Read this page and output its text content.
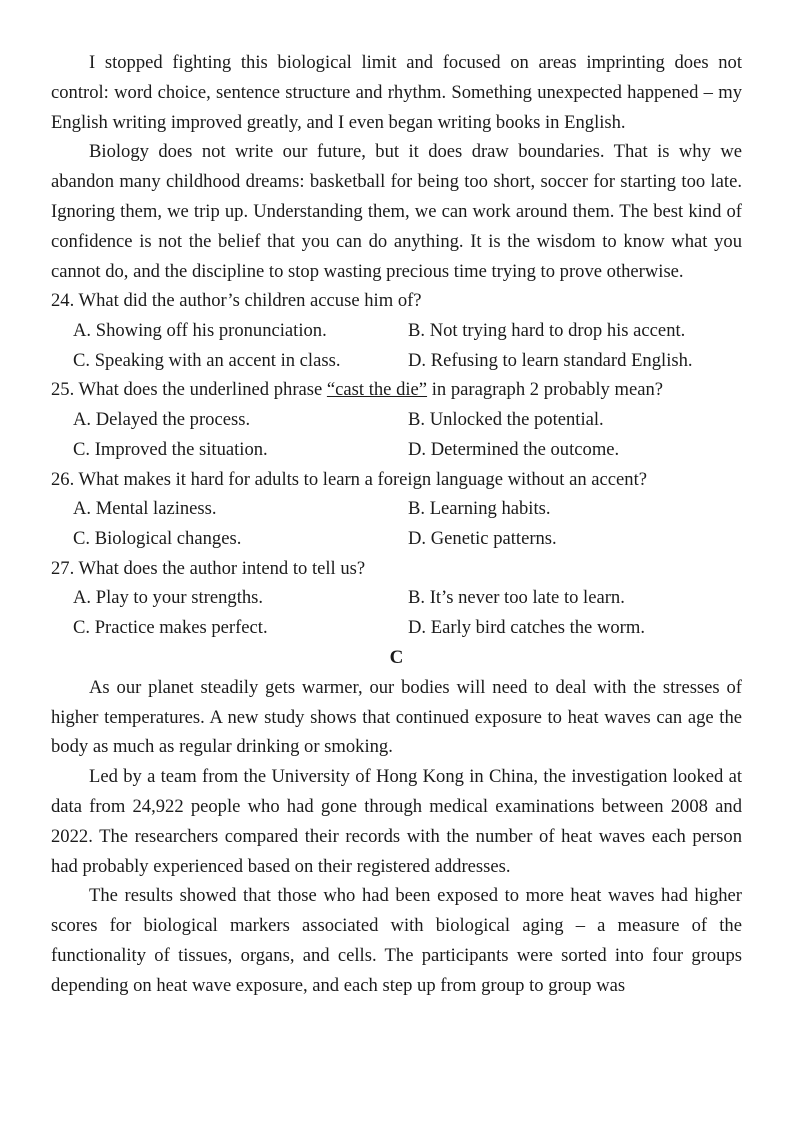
I stopped fighting this biological limit and focused on areas imprinting does not control: word choice, sentence structure and rhythm. Something unexpected happened – my English writing improved greatly, and I even began writing books in English.

Biology does not write our future, but it does draw boundaries. That is why we abandon many childhood dreams: basketball for being too short, soccer for starting too late. Ignoring them, we trip up. Understanding them, we can work around them. The best kind of confidence is not the belief that you can do anything. It is the wisdom to know what you cannot do, and the discipline to stop wasting precious time trying to prove otherwise.

24. What did the author’s children accuse him of?

A. Showing off his pronunciation.	B. Not trying hard to drop his accent.
C. Speaking with an accent in class.	D. Refusing to learn standard English.

25. What does the underlined phrase “cast the die” in paragraph 2 probably mean?

A. Delayed the process.	B. Unlocked the potential.
C. Improved the situation.	D. Determined the outcome.

26. What makes it hard for adults to learn a foreign language without an accent?

A. Mental laziness.	B. Learning habits.
C. Biological changes.	D. Genetic patterns.

27. What does the author intend to tell us?

A. Play to your strengths.	B. It’s never too late to learn.
C. Practice makes perfect.	D. Early bird catches the worm.

C

As our planet steadily gets warmer, our bodies will need to deal with the stresses of higher temperatures. A new study shows that continued exposure to heat waves can age the body as much as regular drinking or smoking.

Led by a team from the University of Hong Kong in China, the investigation looked at data from 24,922 people who had gone through medical examinations between 2008 and 2022. The researchers compared their records with the number of heat waves each person had probably experienced based on their registered addresses.

The results showed that those who had been exposed to more heat waves had higher scores for biological markers associated with biological aging – a measure of the functionality of tissues, organs, and cells. The participants were sorted into four groups depending on heat wave exposure, and each step up from group to group was
